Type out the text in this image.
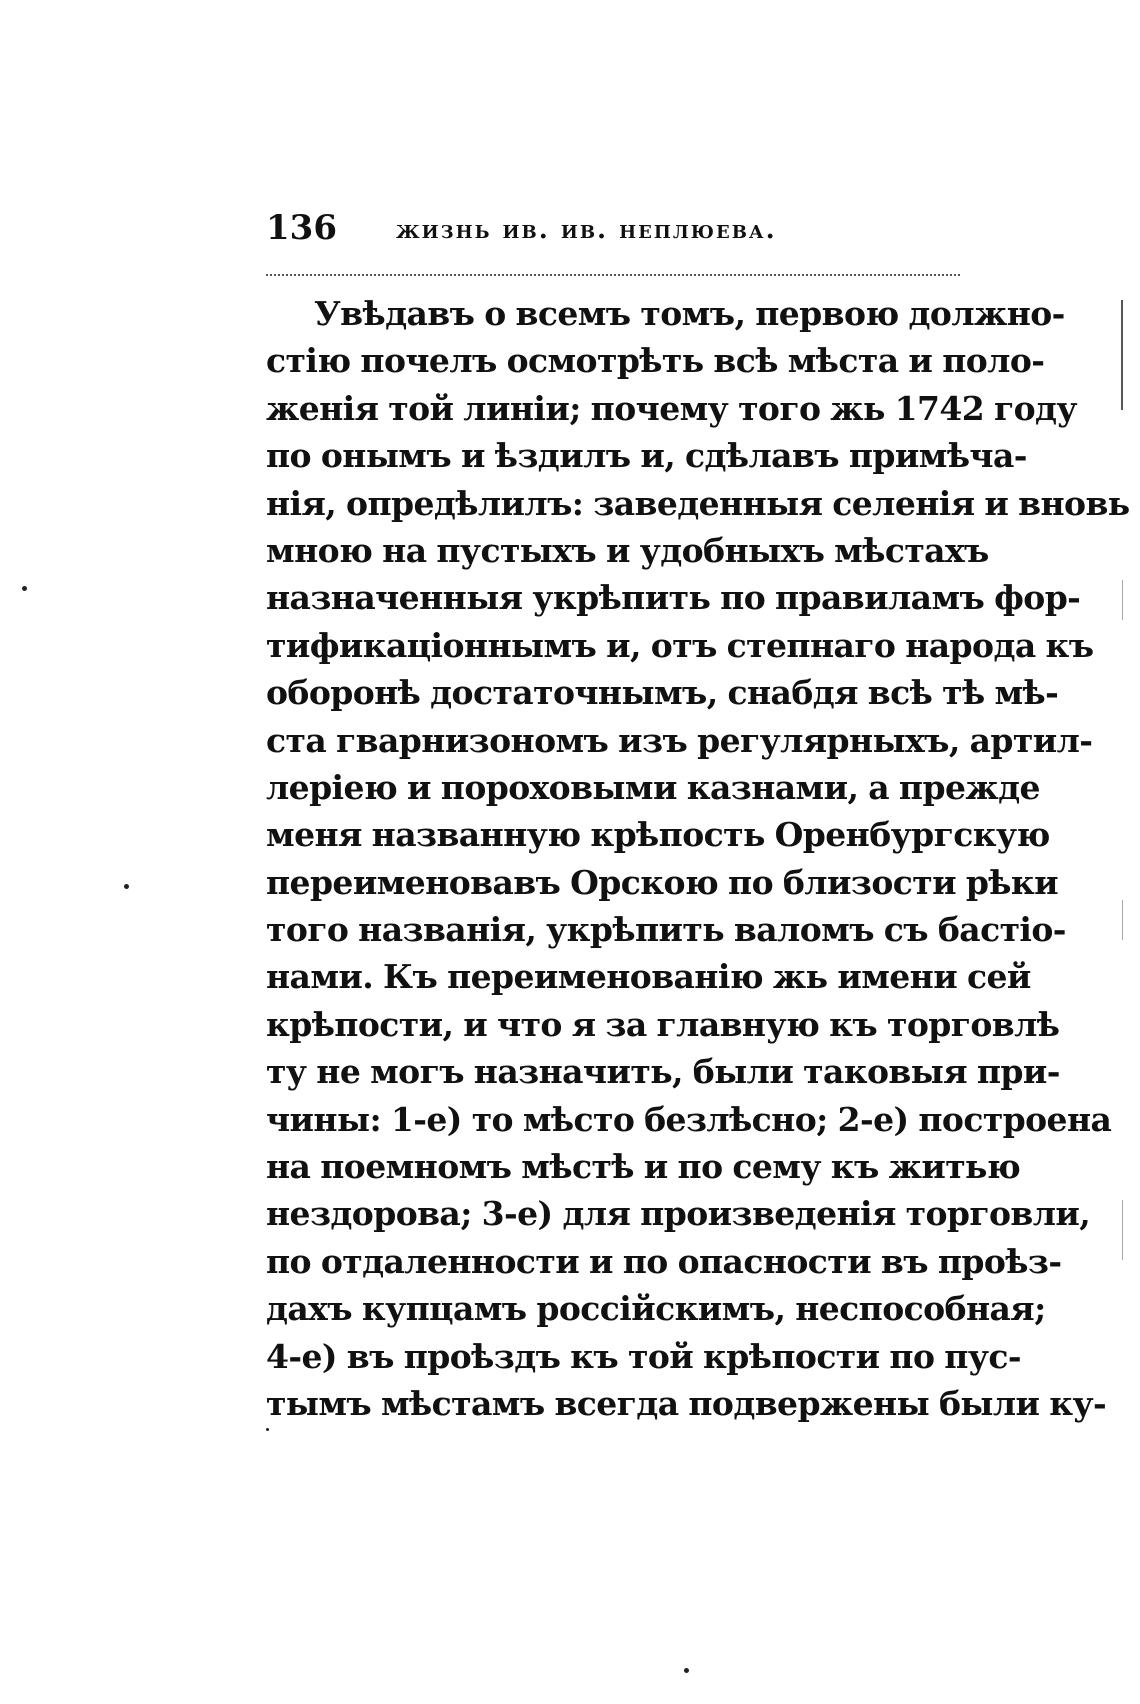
136 жизнь ив. ив. неплюева.
Увѣдавъ о всемъ томъ, первою должно-
стію почелъ осмотрѣть всѣ мѣста и поло-
женія той линіи; почему того жь 1742 году
по онымъ и ѣздилъ и, сдѣлавъ примѣча-
нія, опредѣлилъ: заведенныя селенія и вновь
мною на пустыхъ и удобныхъ мѣстахъ
назначенныя укрѣпить по правиламъ фор-
тификаціоннымъ и, отъ степнаго народа къ
оборонѣ достаточнымъ, снабдя всѣ тѣ мѣ-
ста гварнизономъ изъ регулярныхъ, артил-
леріею и пороховыми казнами, а прежде
меня названную крѣпость Оренбургскую
переименовавъ Орскою по близости рѣки
того названія, укрѣпить валомъ съ бастіо-
нами. Къ переименованію жь имени сей
крѣпости, и что я за главную къ торговлѣ
ту не могъ назначить, были таковыя при-
чины: 1-е) то мѣсто безлѣсно; 2-е) построена
на поемномъ мѣстѣ и по сему къ житью
нездорова; 3-е) для произведенія торговли,
по отдаленности и по опасности въ проѣз-
дахъ купцамъ россійскимъ, неспособная;
4-е) въ проѣздъ къ той крѣпости по пус-
тымъ мѣстамъ всегда подвержены были ку-
